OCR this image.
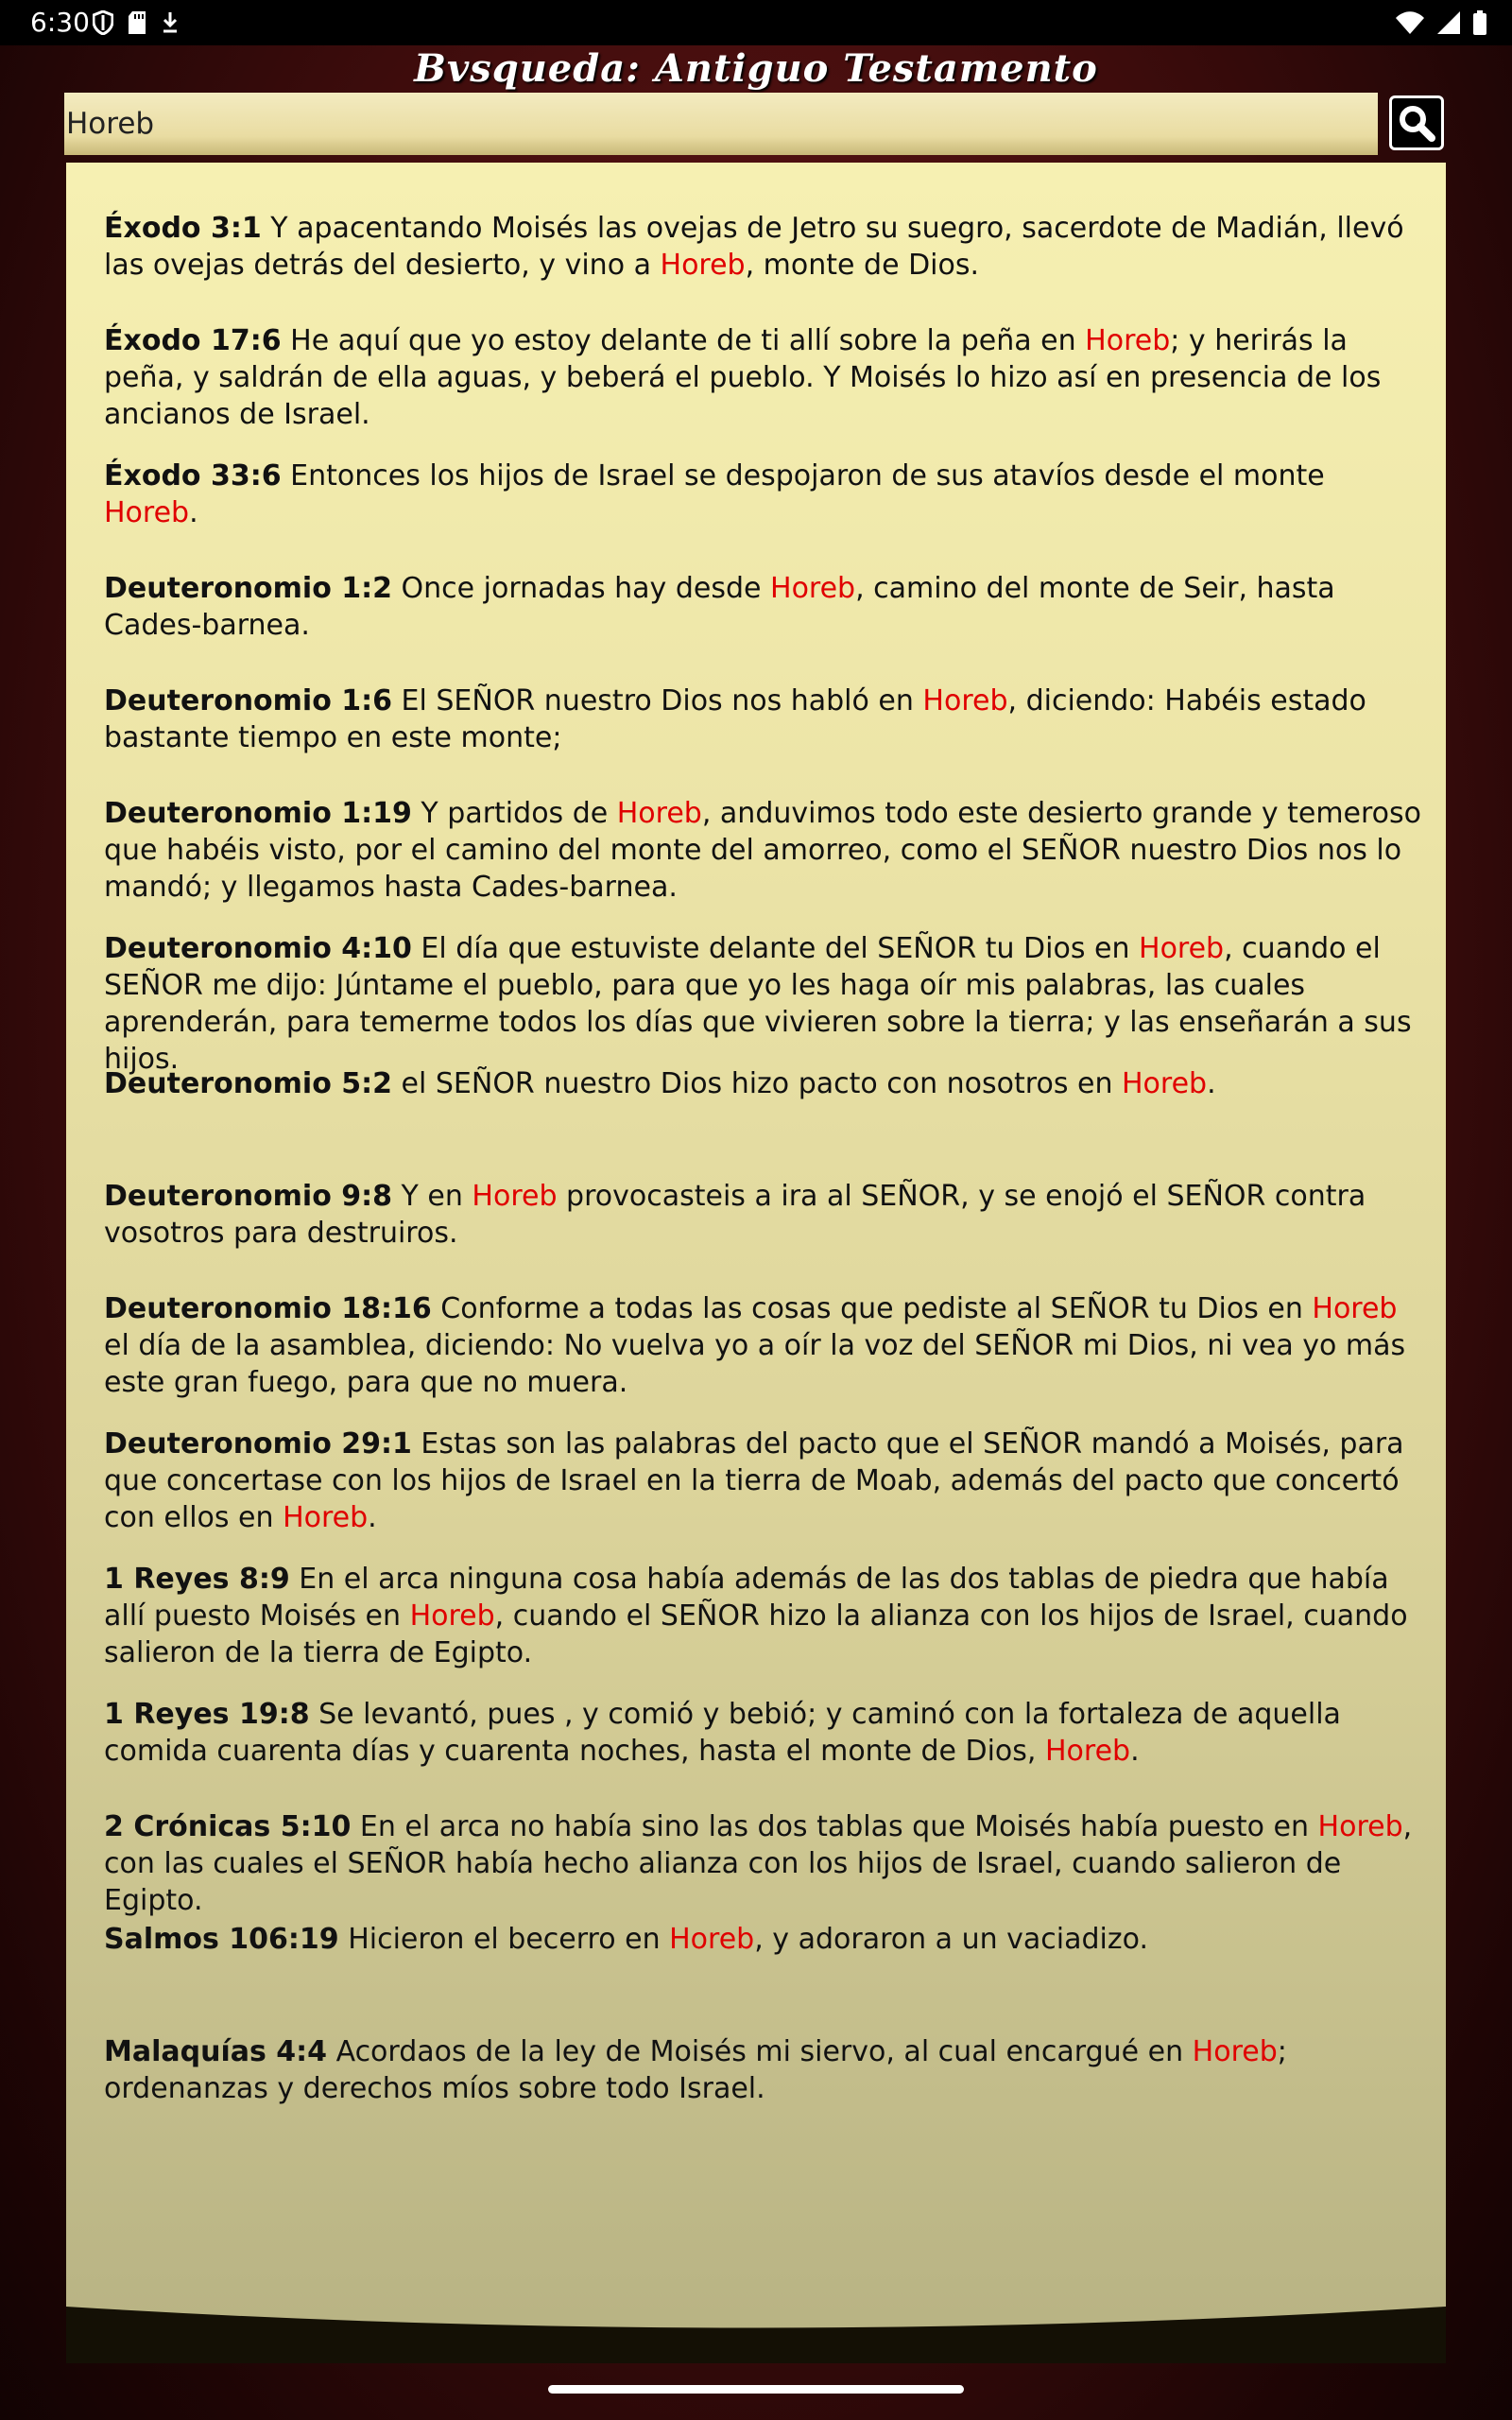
6:30
Bvsqueda: Antiguo Testamento
Horeb
Éxodo 3:1 Y apacentando Moisés las ovejas de Jetro su suegro, sacerdote de Madián, llevó las ovejas detrás del desierto, y vino a Horeb, monte de Dios.
Éxodo 17:6 He aquí que yo estoy delante de ti allí sobre la peña en Horeb; y herirás la peña, y saldrán de ella aguas, y beberá el pueblo. Y Moisés lo hizo así en presencia de los ancianos de Israel.
Éxodo 33:6 Entonces los hijos de Israel se despojaron de sus atavíos desde el monte Horeb.
Deuteronomio 1:2 Once jornadas hay desde Horeb, camino del monte de Seir, hasta Cades-barnea.
Deuteronomio 1:6 El SEÑOR nuestro Dios nos habló en Horeb, diciendo: Habéis estado bastante tiempo en este monte;
Deuteronomio 1:19 Y partidos de Horeb, anduvimos todo este desierto grande y temeroso que habéis visto, por el camino del monte del amorreo, como el SEÑOR nuestro Dios nos lo mandó; y llegamos hasta Cades-barnea.
Deuteronomio 4:10 El día que estuviste delante del SEÑOR tu Dios en Horeb, cuando el SEÑOR me dijo: Júntame el pueblo, para que yo les haga oír mis palabras, las cuales aprenderán, para temerme todos los días que vivieren sobre la tierra; y las enseñarán a sus hijos.
Deuteronomio 5:2 el SEÑOR nuestro Dios hizo pacto con nosotros en Horeb.
Deuteronomio 9:8 Y en Horeb provocasteis a ira al SEÑOR, y se enojó el SEÑOR contra vosotros para destruiros.
Deuteronomio 18:16 Conforme a todas las cosas que pediste al SEÑOR tu Dios en Horeb el día de la asamblea, diciendo: No vuelva yo a oír la voz del SEÑOR mi Dios, ni vea yo más este gran fuego, para que no muera.
Deuteronomio 29:1 Estas son las palabras del pacto que el SEÑOR mandó a Moisés, para que concertase con los hijos de Israel en la tierra de Moab, además del pacto que concertó con ellos en Horeb.
1 Reyes 8:9 En el arca ninguna cosa había además de las dos tablas de piedra que había allí puesto Moisés en Horeb, cuando el SEÑOR hizo la alianza con los hijos de Israel, cuando salieron de la tierra de Egipto.
1 Reyes 19:8 Se levantó, pues , y comió y bebió; y caminó con la fortaleza de aquella comida cuarenta días y cuarenta noches, hasta el monte de Dios, Horeb.
2 Crónicas 5:10 En el arca no había sino las dos tablas que Moisés había puesto en Horeb, con las cuales el SEÑOR había hecho alianza con los hijos de Israel, cuando salieron de Egipto.
Salmos 106:19 Hicieron el becerro en Horeb, y adoraron a un vaciadizo.
Malaquías 4:4 Acordaos de la ley de Moisés mi siervo, al cual encargué en Horeb; ordenanzas y derechos míos sobre todo Israel.
